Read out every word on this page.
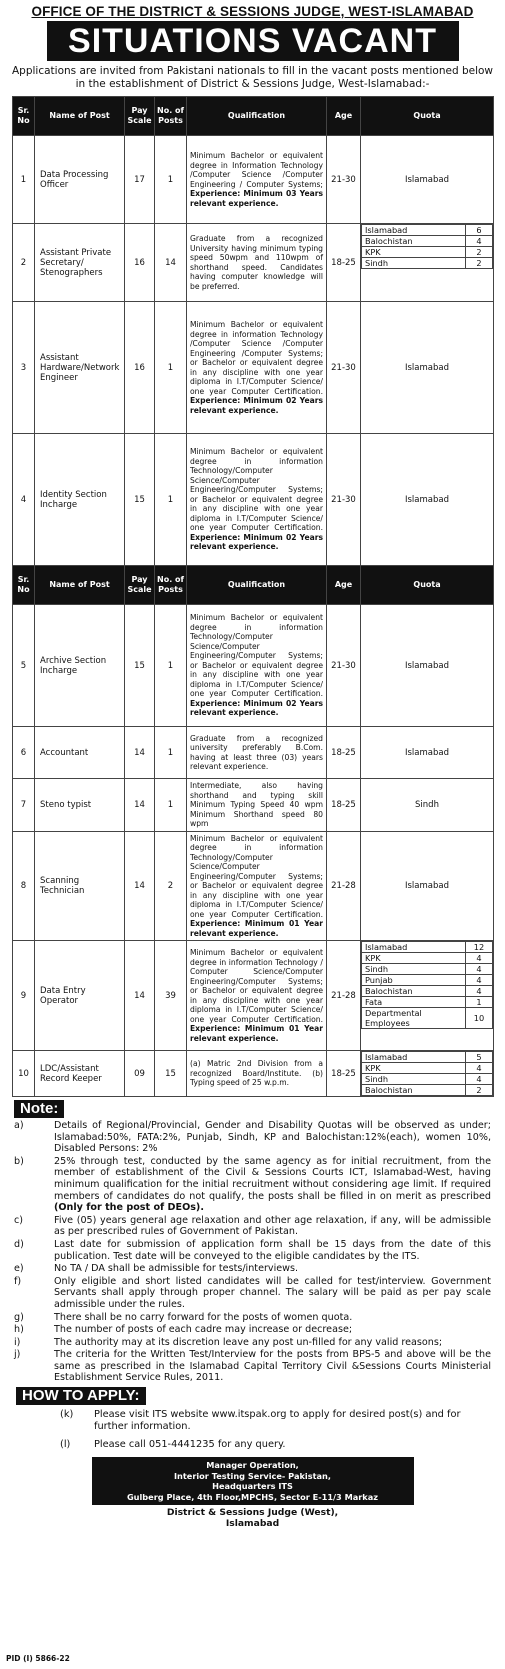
OFFICE OF THE DISTRICT & SESSIONS JUDGE, WEST-ISLAMABAD
SITUATIONS VACANT
Applications are invited from Pakistani nationals to fill in the vacant posts mentioned below in the establishment of District & Sessions Judge, West-Islamabad:-
Sr. No	Name of Post	Pay Scale	No. of Posts	Qualification	Age	Quota
1	Data Processing Officer	17	1	Minimum Bachelor or equivalent degree in Information Technology /Computer Science /Computer Engineering / Computer Systems; Experience: Minimum 03 Years relevant experience.	21-30	Islamabad
2	Assistant Private Secretary/ Stenographers	16	14	Graduate from a recognized University having minimum typing speed 50wpm and 110wpm of shorthand speed. Candidates having computer knowledge will be preferred.	18-25	
Islamabad	6
Balochistan	4
KPK	2
Sindh	2

3	Assistant Hardware/Network Engineer	16	1	Minimum Bachelor or equivalent degree in information Technology /Computer Science /Computer Engineering /Computer Systems; or Bachelor or equivalent degree in any discipline with one year diploma in I.T/Computer Science/ one year Computer Certification. Experience: Minimum 02 Years relevant experience.	21-30	Islamabad
4	Identity Section Incharge	15	1	Minimum Bachelor or equivalent degree in information Technology/Computer Science/Computer Engineering/Computer Systems; or Bachelor or equivalent degree in any discipline with one year diploma in I.T/Computer Science/ one year Computer Certification. Experience: Minimum 02 Years relevant experience.	21-30	Islamabad
Sr. No	Name of Post	Pay Scale	No. of Posts	Qualification	Age	Quota
5	Archive Section Incharge	15	1	Minimum Bachelor or equivalent degree in information Technology/Computer Science/Computer Engineering/Computer Systems; or Bachelor or equivalent degree in any discipline with one year diploma in I.T/Computer Science/ one year Computer Certification. Experience: Minimum 02 Years relevant experience.	21-30	Islamabad
6	Accountant	14	1	Graduate from a recognized university preferably B.Com. having at least three (03) years relevant experience.	18-25	Islamabad
7	Steno typist	14	1	Intermediate, also having shorthand and typing skill Minimum Typing Speed 40 wpm Minimum Shorthand speed 80 wpm	18-25	Sindh
8	Scanning Technician	14	2	Minimum Bachelor or equivalent degree in information Technology/Computer Science/Computer Engineering/Computer Systems; or Bachelor or equivalent degree in any discipline with one year diploma in I.T/Computer Science/ one year Computer Certification. Experience: Minimum 01 Year relevant experience.	21-28	Islamabad
9	Data Entry Operator	14	39	Minimum Bachelor or equivalent degree in information Technology / Computer Science/Computer Engineering/Computer Systems; or Bachelor or equivalent degree in any discipline with one year diploma in I.T/Computer Science/ one year Computer Certification. Experience: Minimum 01 Year relevant experience.	21-28	
Islamabad	12
KPK	4
Sindh	4
Punjab	4
Balochistan	4
Fata	1
Departmental Employees	10

10	LDC/Assistant Record Keeper	09	15	(a) Matric 2nd Division from a recognized Board/Institute. (b) Typing speed of 25 w.p.m.	18-25	
Islamabad	5
KPK	4
Sindh	4
Balochistan	2
Note:
a)	Details of Regional/Provincial, Gender and Disability Quotas will be observed as under; Islamabad:50%, FATA:2%, Punjab, Sindh, KP and Balochistan:12%(each), women 10%, Disabled Persons: 2%
b)	25% through test, conducted by the same agency as for initial recruitment, from the member of establishment of the Civil & Sessions Courts ICT, Islamabad-West, having minimum qualification for the initial recruitment without considering age limit. If required members of candidates do not qualify, the posts shall be filled in on merit as prescribed (Only for the post of DEOs).
c)	Five (05) years general age relaxation and other age relaxation, if any, will be admissible as per prescribed rules of Government of Pakistan.
d)	Last date for submission of application form shall be 15 days from the date of this publication. Test date will be conveyed to the eligible candidates by the ITS.
e)	No TA / DA shall be admissible for tests/interviews.
f)	Only eligible and short listed candidates will be called for test/interview. Government Servants shall apply through proper channel. The salary will be paid as per pay scale admissible under the rules.
g)	There shall be no carry forward for the posts of women quota.
h)	The number of posts of each cadre may increase or decrease;
i)	The authority may at its discretion leave any post un-filled for any valid reasons;
j)	The criteria for the Written Test/Interview for the posts from BPS-5 and above will be the same as prescribed in the Islamabad Capital Territory Civil &Sessions Courts Ministerial Establishment Service Rules, 2011.
HOW TO APPLY:
(k)	Please visit ITS website www.itspak.org to apply for desired post(s) and for further information.
(l)	Please call 051-4441235 for any query.
Manager Operation,
Interior Testing Service- Pakistan,
Headquarters ITS
Gulberg Place, 4th Floor,MPCHS, Sector E-11/3 Markaz
District & Sessions Judge (West),
Islamabad
PID (I) 5866-22
